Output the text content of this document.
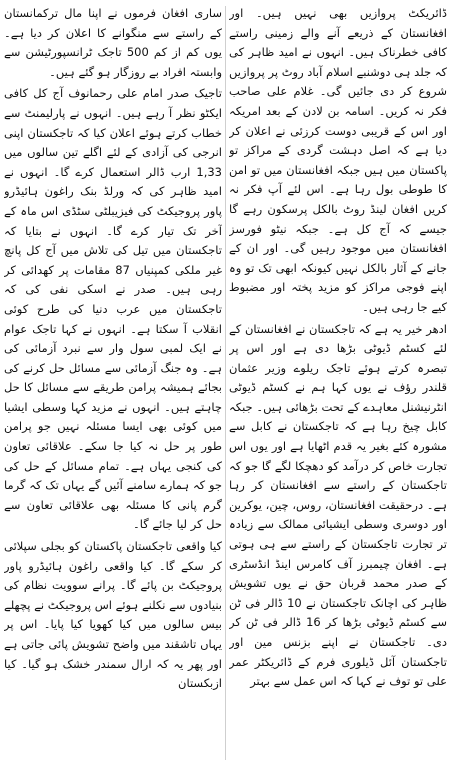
ڈائریکٹ پروازیں بھی نہیں ہیں۔ اور افغانستان کے ذریعے آنے والے زمینی راستے کافی خطرناک ہیں۔ انہوں نے امید ظاہر کی کہ جلد ہی دوشنبے اسلام آباد روٹ پر پروازیں شروع کر دی جائیں گی۔ غلام علی صاحب فکر نہ کریں۔ اسامہ بن لادن کے بعد امریکہ اور اس کے قریبی دوست کرزئی نے اعلان کر دیا ہے کہ اصل دہشت گردی کے مراکز تو پاکستان میں ہیں جبکہ افغانستان میں تو امن کا طوطی بول رہا ہے۔ اس لئے آپ فکر نہ کریں افغان لینڈ روٹ بالکل پرسکون رہے گا جیسے کہ آج کل ہے۔ جبکہ نیٹو فورسز افغانستان میں موجود رہیں گی۔ اور ان کے جانے کے آثار بالکل نہیں کیونکہ ابھی تک تو وہ اپنے فوجی مراکز کو مزید پختہ اور مضبوط کیے جا رہی ہیں۔

ادھر خیر یہ ہے کہ تاجکستان نے افغانستان کے لئے کسٹم ڈیوٹی بڑھا دی ہے اور اس پر تبصرہ کرتے ہوئے تاجک ریلوے وزیر عثمان قلندر رؤف نے یوں کہا ہم نے کسٹم ڈیوٹی انٹرنیشنل معاہدے کے تحت بڑھائی ہیں۔ جبکہ کابل چیخ رہا ہے کہ تاجکستان نے کابل سے مشورہ کئے بغیر یہ قدم اٹھایا ہے اور یوں اس تجارت خاص کر درآمد کو دھچکا لگے گا جو کہ تاجکستان کے راستے سے افغانستان کر رہا ہے۔ درحقیقت افغانستان، روس، چین، یوکرین اور دوسری وسطی ایشیائی ممالک سے زیادہ تر تجارت تاجکستان کے راستے سے ہی ہوتی ہے۔ افغان چیمبرز آف کامرس اینڈ انڈسٹری کے صدر محمد قربان حق نے یوں تشویش ظاہر کی اچانک تاجکستان نے 10 ڈالر فی ٹن سے کسٹم ڈیوٹی بڑھا کر 16 ڈالر فی ٹن کر دی۔ تاجکستان نے اپنے بزنس مین اور تاجکستان آئل ڈیلوری فرم کے ڈائریکٹر عمر علی تو توف نے کہا کہ اس عمل سے بہتر

ساری افغان فرموں نے اپنا مال ترکمانستان کے راستے سے منگوانے کا اعلان کر دیا ہے۔ یوں کم از کم 500 تاجک ٹرانسپورٹیشن سے وابستہ افراد بے روزگار ہو گئے ہیں۔

تاجیک صدر امام علی رحمانوف آج کل کافی ایکٹو نظر آ رہے ہیں۔ انہوں نے پارلیمنٹ سے خطاب کرتے ہوئے اعلان کیا کہ تاجکستان اپنی انرجی کی آزادی کے لئے اگلے تین سالوں میں 1,33 ارب ڈالر استعمال کرے گا۔ انہوں نے امید ظاہر کی کہ ورلڈ بنک راغون ہائیڈرو پاور پروجیکٹ کی فیزیبلٹی سٹڈی اس ماہ کے آخر تک تیار کرے گا۔ انہوں نے بتایا کہ تاجکستان میں تیل کی تلاش میں آج کل پانچ غیر ملکی کمپنیاں 87 مقامات پر کھدائی کر رہی ہیں۔ صدر نے اسکی نفی کی کہ تاجکستان میں عرب دنیا کی طرح کوئی انقلاب آ سکتا ہے۔ انہوں نے کہا تاجک عوام نے ایک لمبی سول وار سے نبرد آزمائی کی ہے۔ وہ جنگ آزمائی سے مسائل حل کرنے کی بجائے ہمیشہ پرامن طریقے سے مسائل کا حل چاہتے ہیں۔ انہوں نے مزید کہا وسطی ایشیا میں کوئی بھی ایسا مسئلہ نہیں جو پرامن طور پر حل نہ کیا جا سکے۔ علاقائی تعاون کی کنجی یہاں ہے۔ تمام مسائل کے حل کی جو کہ ہمارے سامنے آئیں گے یہاں تک کہ گرما گرم پانی کا مسئلہ بھی علاقائی تعاون سے حل کر لیا جائے گا۔

کیا واقعی تاجکستان پاکستان کو بجلی سپلائی کر سکے گا۔ کیا واقعی راغون ہائیڈرو پاور پروجیکٹ بن پائے گا۔ پرانے سوویت نظام کی بنیادوں سے نکلنے ہوئے اس پروجیکٹ نے پچھلے بیس سالوں میں کیا کھویا کیا پایا۔ اس پر یہاں تاشقند میں واضح تشویش پائی جاتی ہے اور پھر یہ کہ ارال سمندر خشک ہو گیا۔ کیا ازبکستان
